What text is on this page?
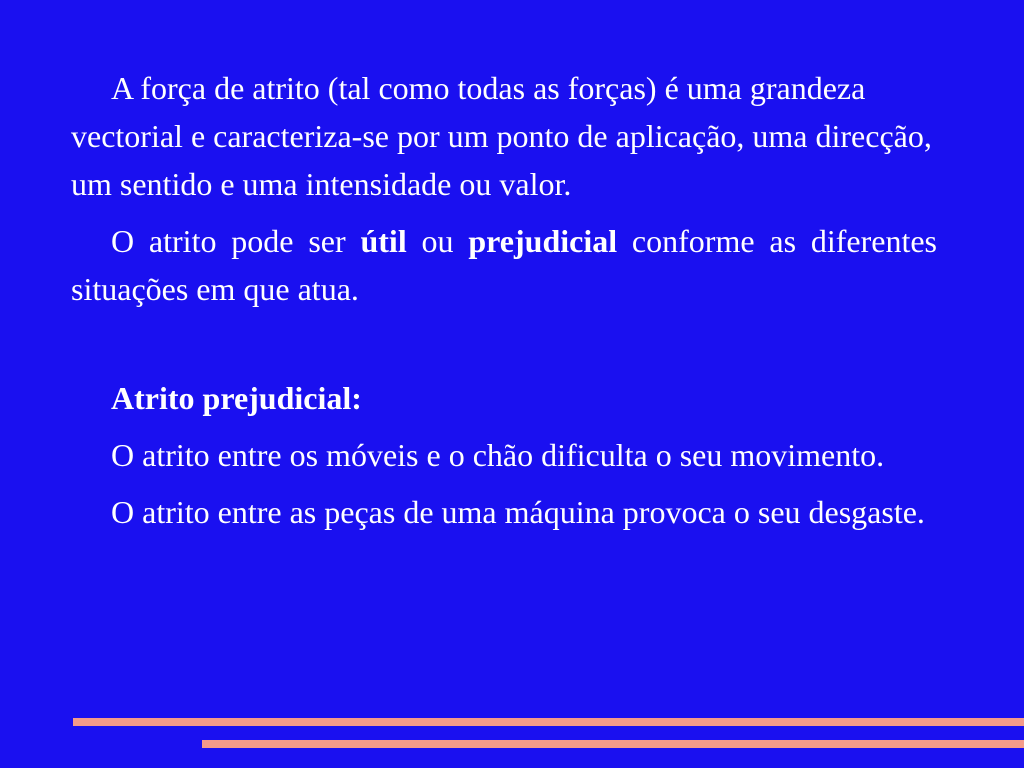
A força de atrito (tal como todas as forças) é uma grandeza vectorial e caracteriza-se por um ponto de aplicação, uma direcção, um sentido e uma intensidade ou valor.

O atrito pode ser útil ou prejudicial conforme as diferentes situações em que atua.

Atrito prejudicial:

O atrito entre os móveis e o chão dificulta o seu movimento.

O atrito entre as peças de uma máquina provoca o seu desgaste.
